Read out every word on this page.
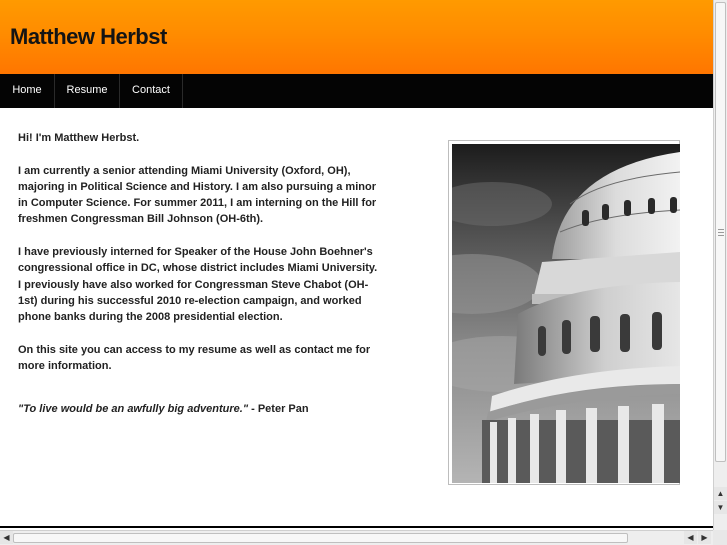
Matthew Herbst
Home	Resume	Contact

Hi! I'm Matthew Herbst.

I am currently a senior attending Miami University (Oxford, OH), majoring in Political Science and History. I am also pursuing a minor in Computer Science. For summer 2011, I am interning on the Hill for freshmen Congressman Bill Johnson (OH-6th).

I have previously interned for Speaker of the House John Boehner's congressional office in DC, whose district includes Miami University. I previously have also worked for Congressman Steve Chabot (OH-1st) during his successful 2010 re-election campaign, and worked phone banks during the 2008 presidential election.

On this site you can access to my resume as well as contact me for more information.

"To live would be an awfully big adventure." - Peter Pan

▲
▼
◀	◀ ▶
